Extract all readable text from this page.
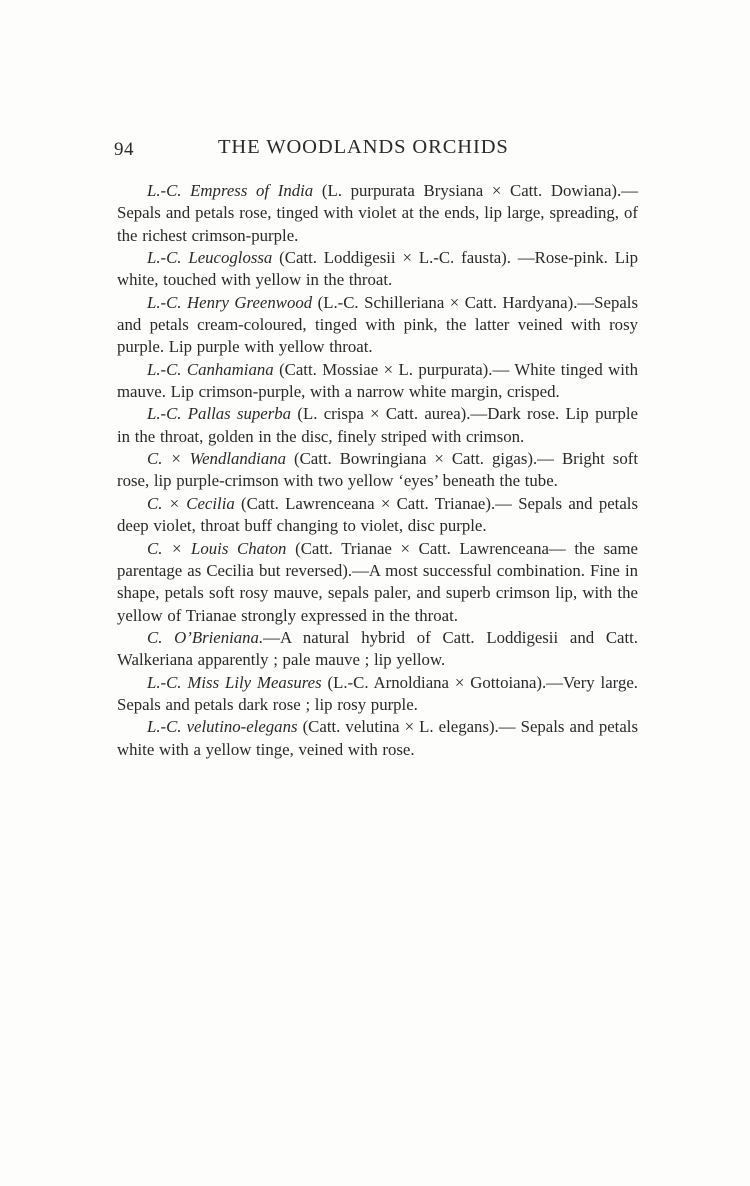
94	THE WOODLANDS ORCHIDS

L.-C. Empress of India (L. purpurata Brysiana × Catt. Dowiana).—Sepals and petals rose, tinged with violet at the ends, lip large, spreading, of the richest crimson-purple.

L.-C. Leucoglossa (Catt. Loddigesii × L.-C. fausta). —Rose-pink. Lip white, touched with yellow in the throat.

L.-C. Henry Greenwood (L.-C. Schilleriana × Catt. Hardyana).—Sepals and petals cream-coloured, tinged with pink, the latter veined with rosy purple. Lip purple with yellow throat.

L.-C. Canhamiana (Catt. Mossiae × L. purpurata).— White tinged with mauve. Lip crimson-purple, with a narrow white margin, crisped.

L.-C. Pallas superba (L. crispa × Catt. aurea).—Dark rose. Lip purple in the throat, golden in the disc, finely striped with crimson.

C. × Wendlandiana (Catt. Bowringiana × Catt. gigas).— Bright soft rose, lip purple-crimson with two yellow ‘eyes’ beneath the tube.

C. × Cecilia (Catt. Lawrenceana × Catt. Trianae).— Sepals and petals deep violet, throat buff changing to violet, disc purple.

C. × Louis Chaton (Catt. Trianae × Catt. Lawrenceana— the same parentage as Cecilia but reversed).—A most successful combination. Fine in shape, petals soft rosy mauve, sepals paler, and superb crimson lip, with the yellow of Trianae strongly expressed in the throat.

C. O’Brieniana.—A natural hybrid of Catt. Loddigesii and Catt. Walkeriana apparently ; pale mauve ; lip yellow.

L.-C. Miss Lily Measures (L.-C. Arnoldiana × Gottoiana).—Very large. Sepals and petals dark rose ; lip rosy purple.

L.-C. velutino-elegans (Catt. velutina × L. elegans).— Sepals and petals white with a yellow tinge, veined with rose.
